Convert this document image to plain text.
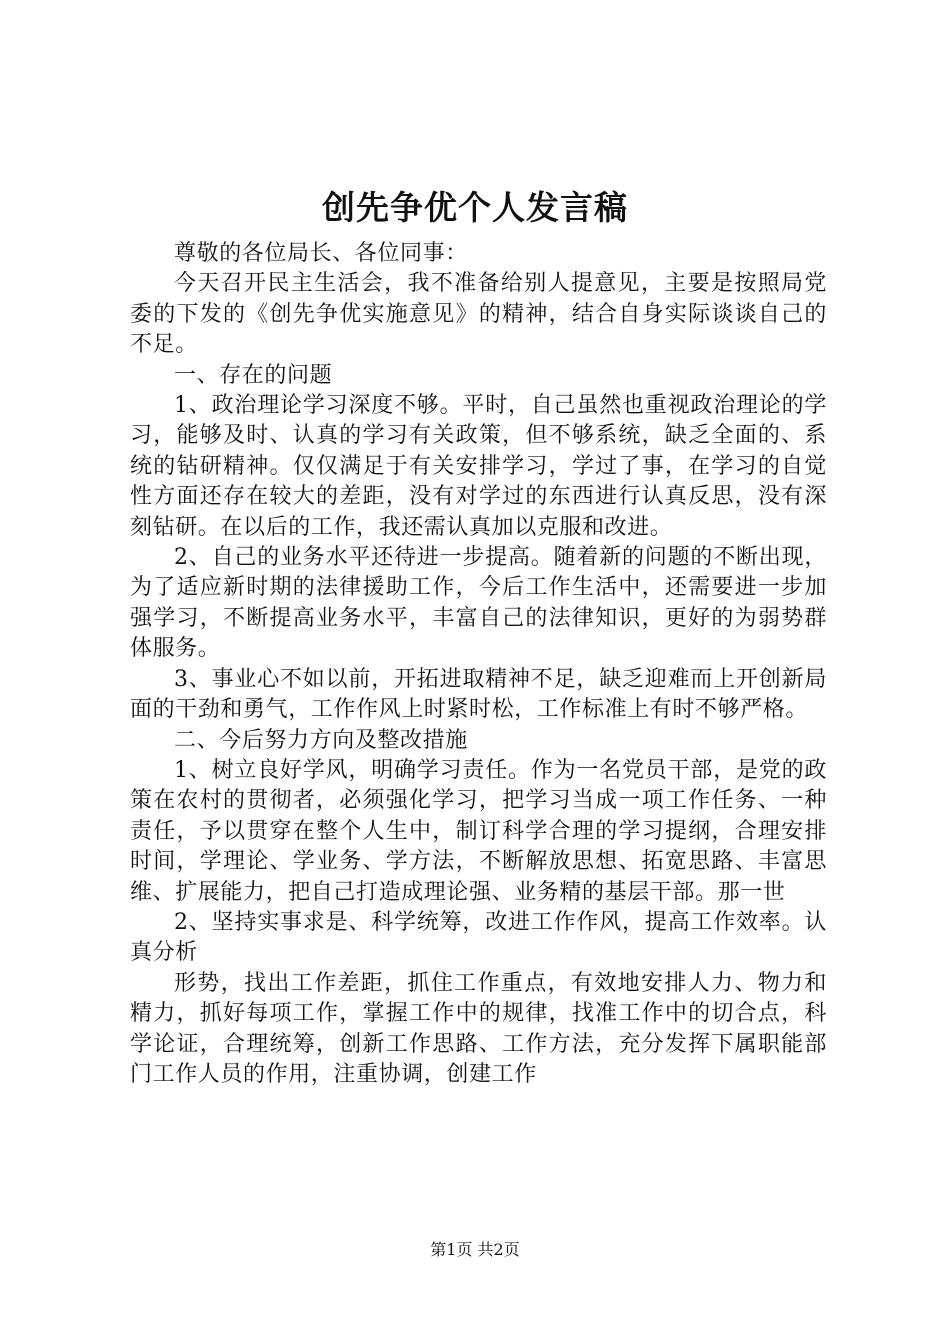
创先争优个人发言稿

尊敬的各位局长、各位同事：

今天召开民主生活会，我不准备给别人提意见，主要是按照局党委的下发的《创先争优实施意见》的精神，结合自身实际谈谈自己的不足。

一、存在的问题

1、政治理论学习深度不够。平时，自己虽然也重视政治理论的学习，能够及时、认真的学习有关政策，但不够系统，缺乏全面的、系统的钻研精神。仅仅满足于有关安排学习，学过了事，在学习的自觉性方面还存在较大的差距，没有对学过的东西进行认真反思，没有深刻钻研。在以后的工作，我还需认真加以克服和改进。

2、自己的业务水平还待进一步提高。随着新的问题的不断出现，为了适应新时期的法律援助工作，今后工作生活中，还需要进一步加强学习，不断提高业务水平，丰富自己的法律知识，更好的为弱势群体服务。

3、事业心不如以前，开拓进取精神不足，缺乏迎难而上开创新局面的干劲和勇气，工作作风上时紧时松，工作标准上有时不够严格。

二、今后努力方向及整改措施

1、树立良好学风，明确学习责任。作为一名党员干部，是党的政策在农村的贯彻者，必须强化学习，把学习当成一项工作任务、一种责任，予以贯穿在整个人生中，制订科学合理的学习提纲，合理安排时间，学理论、学业务、学方法，不断解放思想、拓宽思路、丰富思维、扩展能力，把自己打造成理论强、业务精的基层干部。那一世

2、坚持实事求是、科学统筹，改进工作作风，提高工作效率。认真分析

形势，找出工作差距，抓住工作重点，有效地安排人力、物力和精力，抓好每项工作，掌握工作中的规律，找准工作中的切合点，科学论证，合理统筹，创新工作思路、工作方法，充分发挥下属职能部门工作人员的作用，注重协调，创建工作

第1页 共2页
